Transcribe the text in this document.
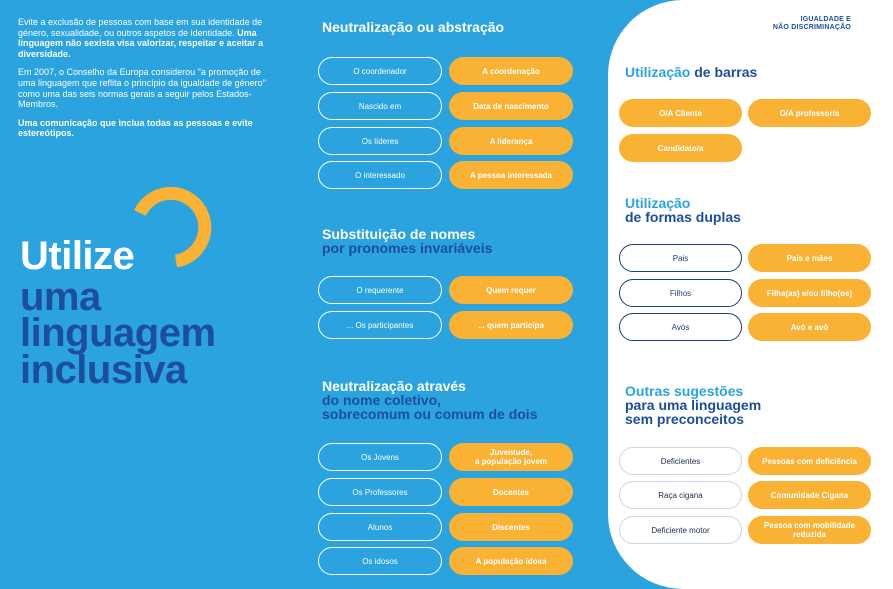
Evite a exclusão de pessoas com base em sua identidade de género, sexualidade, ou outros aspetos de identidade. Uma linguagem não sexista visa valorizar, respeitar e aceitar a diversidade.

Em 2007, o Conselho da Europa considerou "a promoção de uma linguagem que reflita o princípio da igualdade de género" como uma das seis normas gerais a seguir pelos Estados-Membros.

Uma comunicação que inclua todas as pessoas e evite estereótipos.

Utilize
uma
linguagem
inclusiva
Neutralização ou abstração
O coordenador	A coordenação
Nascido em	Data de nascimento
Os líderes	A liderança
O interessado	A pessoa interessada
Substituição de nomes
por pronomes invariáveis
O requerente	Quem requer
... Os participantes	... quem participa
Neutralização através
do nome coletivo,
sobrecomum ou comum de dois
Os Jovens	Juventude,
a população jovem
Os Professores	Docentes
Alunos	Discentes
Os idosos	A população idosa
IGUALDADE E
NÃO DISCRIMINAÇÃO
Utilização de barras
O/A Cliente	O/A professor/a
Candidato/a
Utilização
de formas duplas
Pais	Pais e mães
Filhos	Filha(as) e/ou filho(os)
Avós	Avó e avô
Outras sugestões
para uma linguagem
sem preconceitos
Deficientes	Pessoas com deficiência
Raça cigana	Comunidade Cigana
Deficiente motor	Pessoa com mobilidade
reduzida
